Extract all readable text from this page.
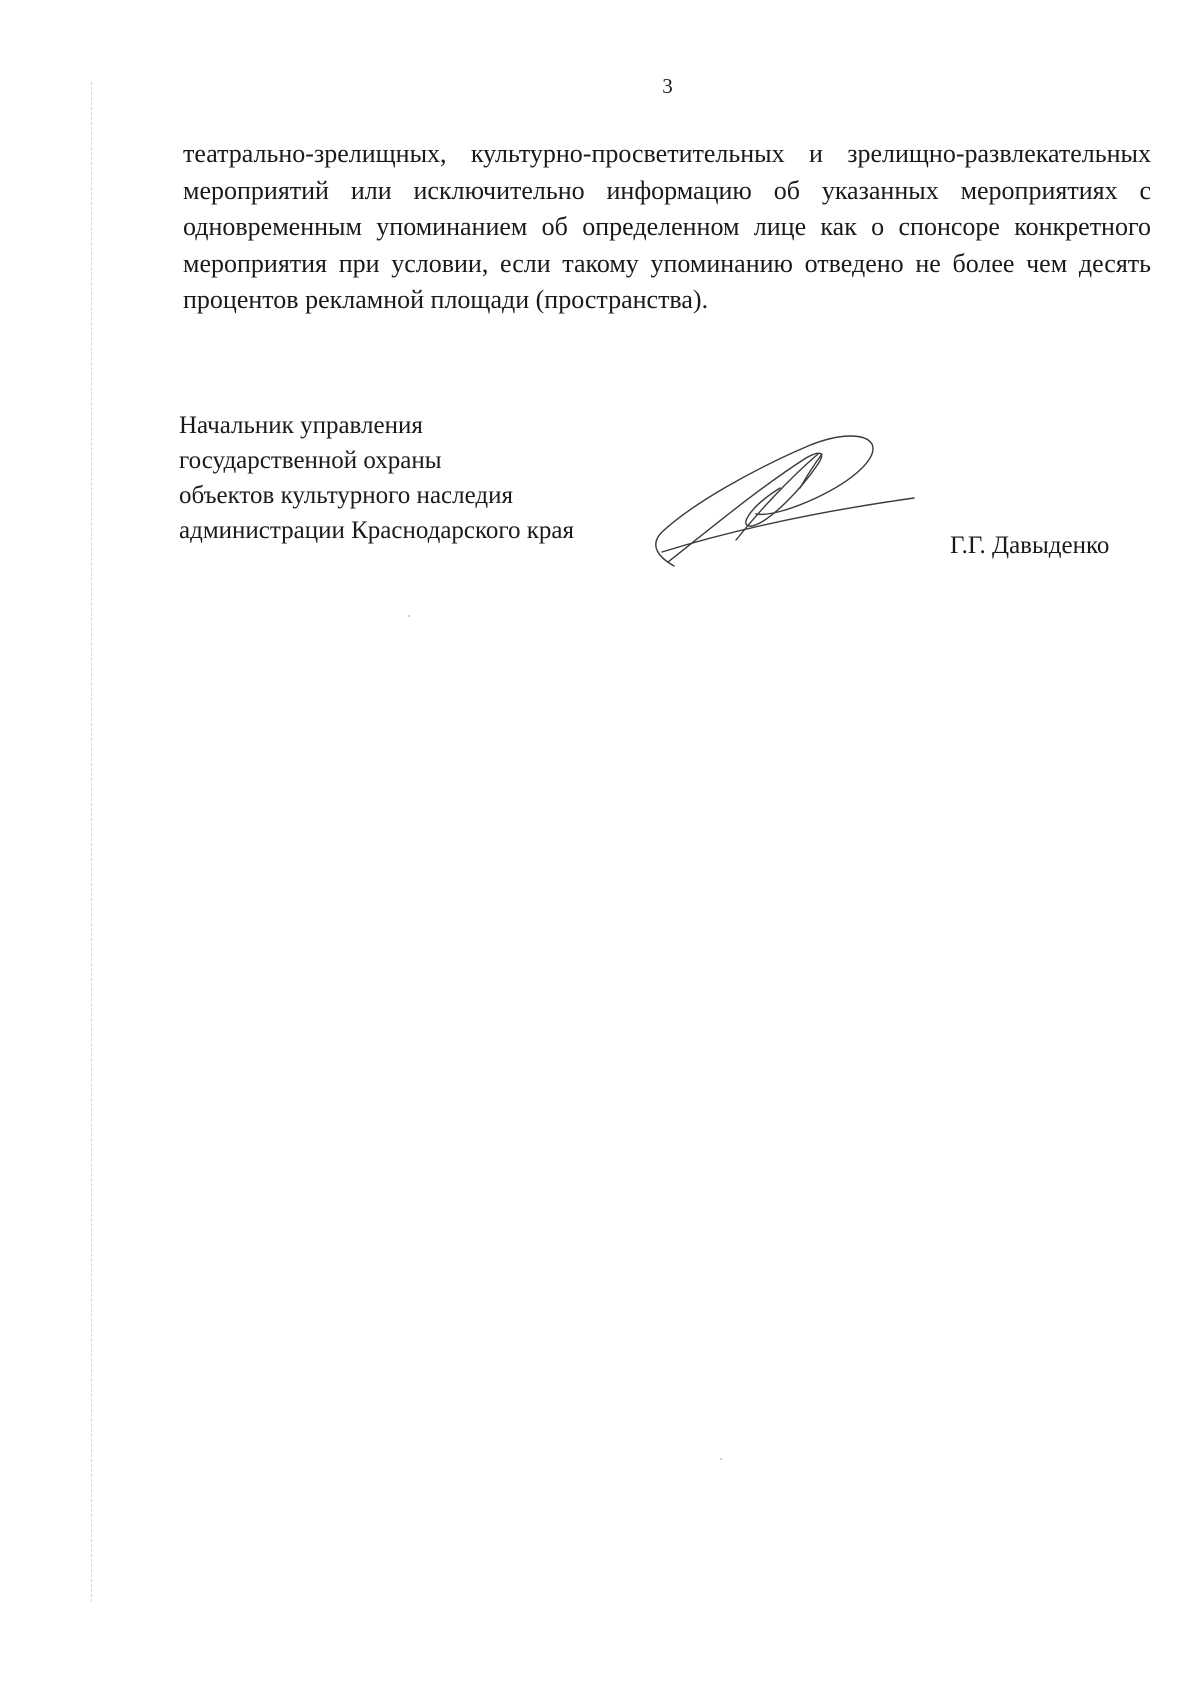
3

театрально-зрелищных, культурно-просветительных и зрелищно-развлекательных мероприятий или исключительно информацию об указанных мероприятиях с одновременным упоминанием об определенном лице как о спонсоре конкретного мероприятия при условии, если такому упоминанию отведено не более чем десять процентов рекламной площади (пространства).

Начальник управления
государственной охраны
объектов культурного наследия
администрации Краснодарского края
Г.Г. Давыденко
